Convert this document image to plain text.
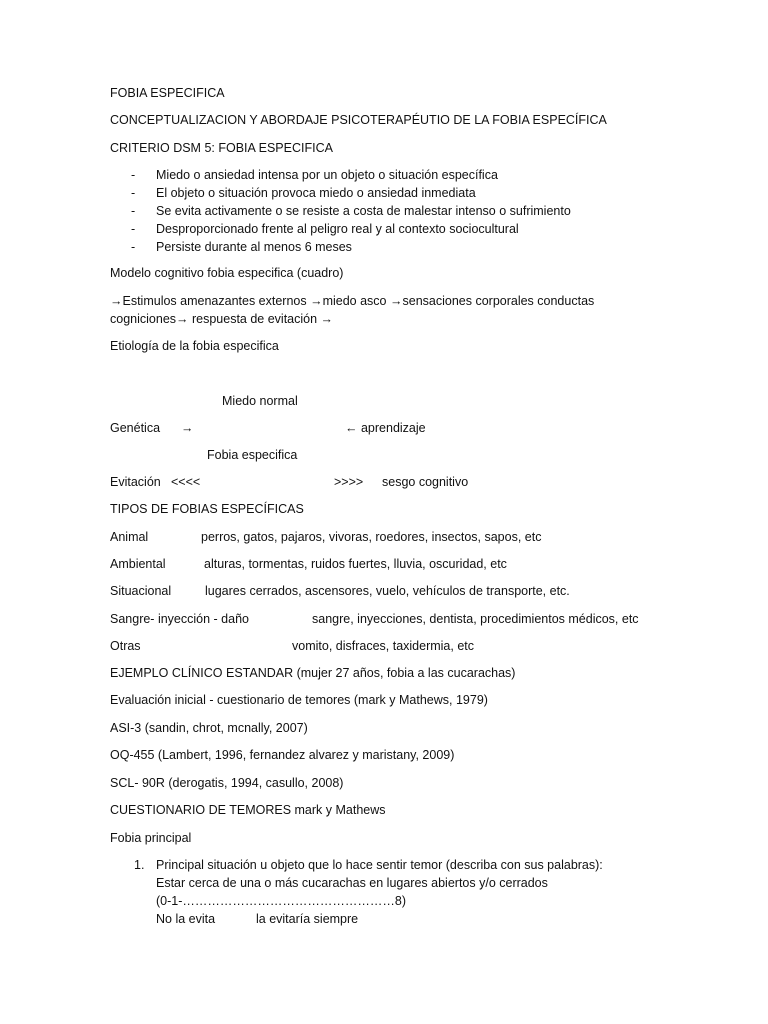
FOBIA ESPECIFICA
CONCEPTUALIZACION Y ABORDAJE PSICOTERAPÉUTIO DE LA FOBIA ESPECÍFICA
CRITERIO DSM 5: FOBIA ESPECIFICA
- Miedo o ansiedad intensa por un objeto o situación específica
- El objeto o situación provoca miedo o ansiedad inmediata
- Se evita activamente o se resiste a costa de malestar intenso o sufrimiento
- Desproporcionado frente al peligro real y al contexto sociocultural
- Persiste durante al menos 6 meses
Modelo cognitivo fobia especifica (cuadro)
→Estimulos amenazantes externos →miedo asco →sensaciones corporales conductas
cogniciones→ respuesta de evitación →
Etiología de la fobia especifica
Miedo normal
Genética →	← aprendizaje
Fobia especifica
Evitación <<<<	>>>> sesgo cognitivo
TIPOS DE FOBIAS ESPECÍFICAS
Animal	perros, gatos, pajaros, vivoras, roedores, insectos, sapos, etc
Ambiental	alturas, tormentas, ruidos fuertes, lluvia, oscuridad, etc
Situacional	lugares cerrados, ascensores, vuelo, vehículos de transporte, etc.
Sangre- inyección - daño	sangre, inyecciones, dentista, procedimientos médicos, etc
Otras	vomito, disfraces, taxidermia, etc
EJEMPLO CLÍNICO ESTANDAR (mujer 27 años, fobia a las cucarachas)
Evaluación inicial - cuestionario de temores (mark y Mathews, 1979)
ASI-3 (sandin, chrot, mcnally, 2007)
OQ-455 (Lambert, 1996, fernandez alvarez y maristany, 2009)
SCL- 90R (derogatis, 1994, casullo, 2008)
CUESTIONARIO DE TEMORES mark y Mathews
Fobia principal
1. Principal situación u objeto que lo hace sentir temor (describa con sus palabras):
Estar cerca de una o más cucarachas en lugares abiertos y/o cerrados
(0-1-……………………………………………8)
No la evita	la evitaría siempre
